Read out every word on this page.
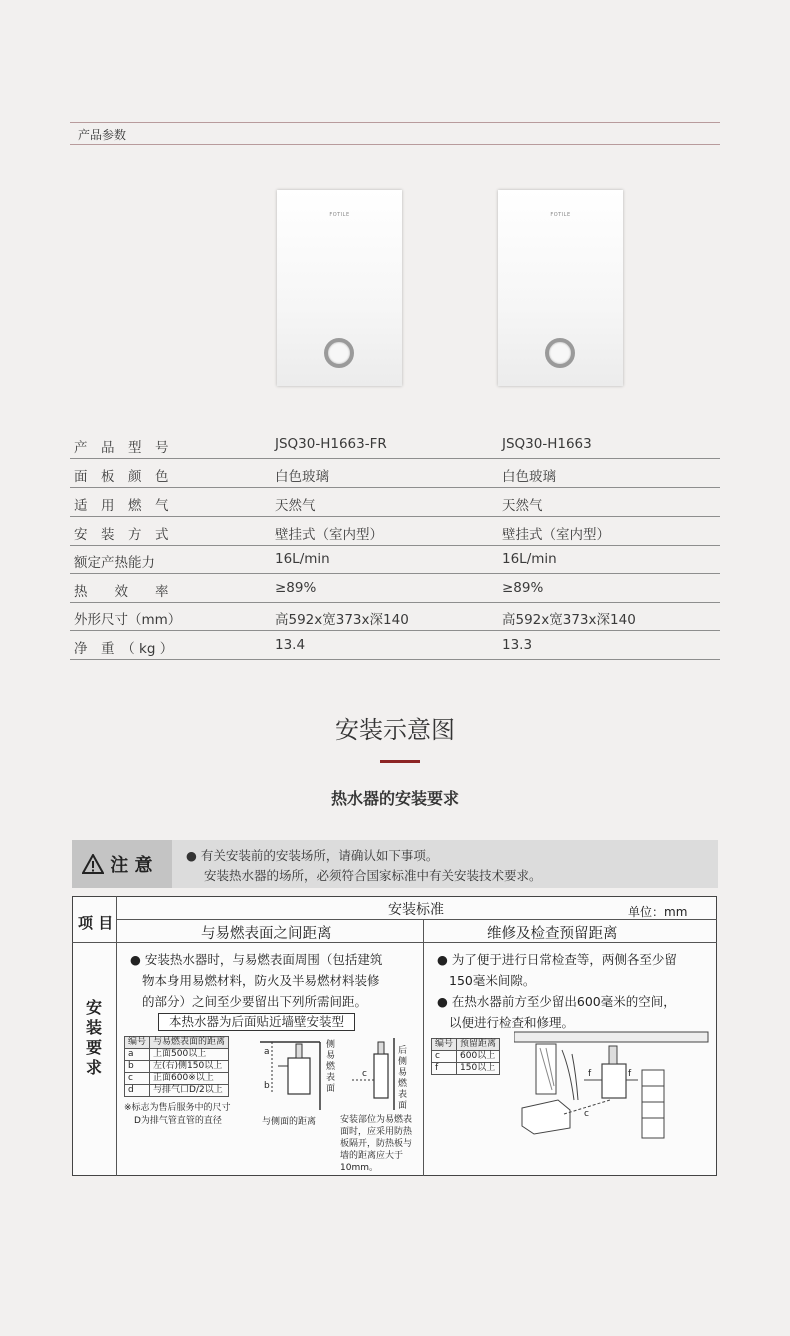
产品参数
FOTILE	FOTILE
产　品　型　号	JSQ30-H1663-FR	JSQ30-H1663
面　板　颜　色	白色玻璃	白色玻璃
适　用　燃　气	天然气	天然气
安　装　方　式	壁挂式（室内型）	壁挂式（室内型）
额定产热能力	16L/min	16L/min
热　　效　　率	≥89%	≥89%
外形尺寸（mm）	高592x宽373x深140	高592x宽373x深140
净　重　（ kg ）	13.4	13.3
安装示意图
热水器的安装要求
注 意	● 有关安装前的安装场所，请确认如下事项。
安装热水器的场所，必须符合国家标准中有关安装技术要求。
项 目
安装标准	单位：mm
与易燃表面之间距离	维修及检查预留距离
安装要求
● 安装热水器时，与易燃表面周围（包括建筑
物本身用易燃材料，防火及半易燃材料装修
的部分）之间至少要留出下列所需间距。
本热水器为后面贴近墙壁安装型
编号	与易燃表面的距离
a	上面500以上
b	左(右)侧150以上
c	正面600※以上
d	与排气口D/2以上
※标志为售后服务中的尺寸
D为排气管直管的直径
a
b
侧易燃表面
与侧面的距离
c
后侧易燃表面
安装部位为易燃表
面时，应采用防热
板隔开，防热板与
墙的距离应大于
10mm。
● 为了便于进行日常检查等，两侧各至少留
150毫米间隙。
● 在热水器前方至少留出600毫米的空间，
以便进行检查和修理。
编号	预留距离
c	600以上
f	150以上
f	f
c
